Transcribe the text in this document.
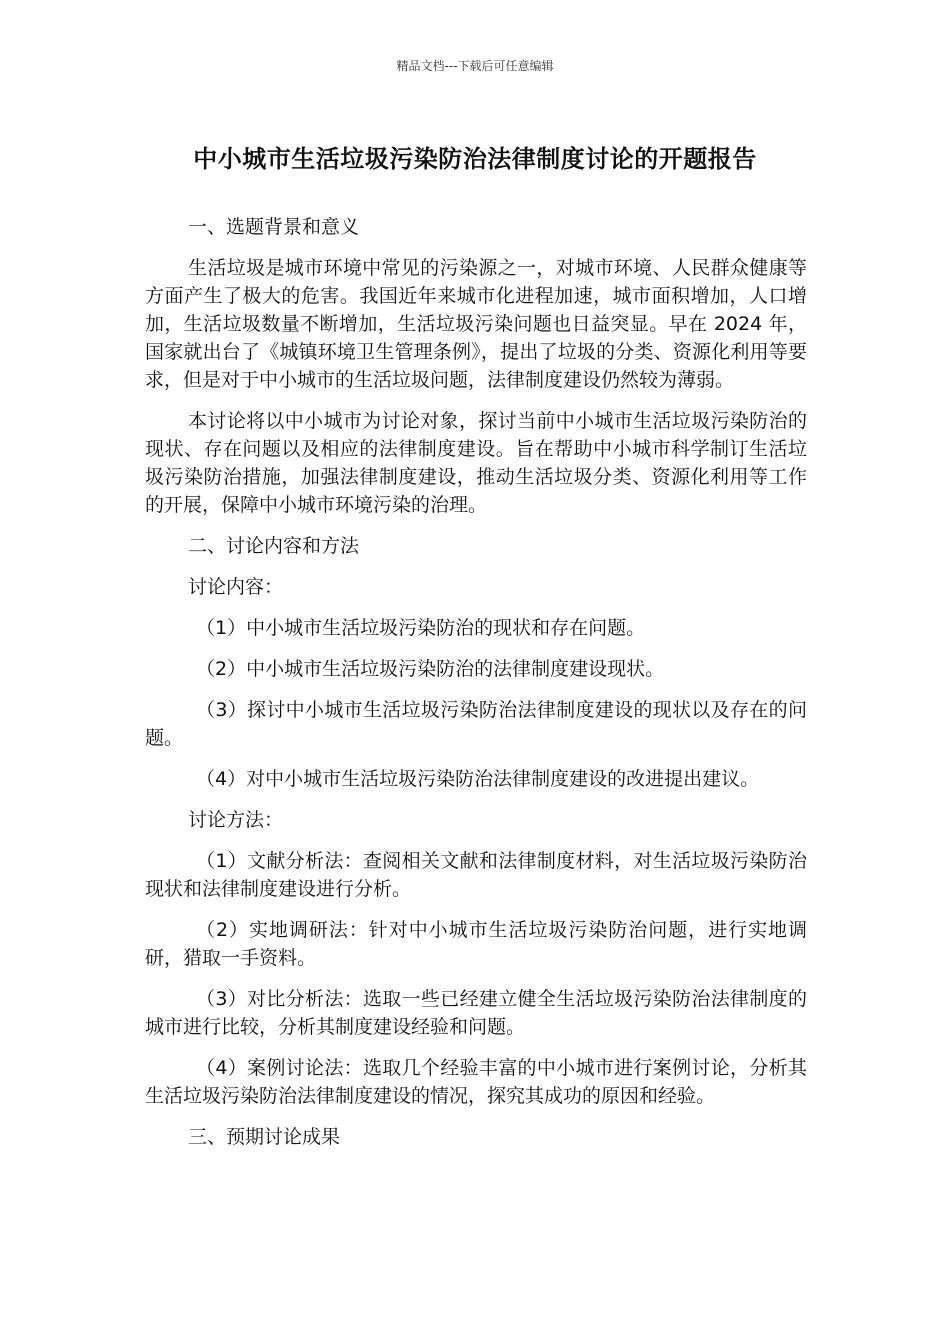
精品文档---下载后可任意编辑
中小城市生活垃圾污染防治法律制度讨论的开题报告

一、选题背景和意义

生活垃圾是城市环境中常见的污染源之一，对城市环境、人民群众健康等方面产生了极大的危害。我国近年来城市化进程加速，城市面积增加，人口增加，生活垃圾数量不断增加，生活垃圾污染问题也日益突显。早在 2024 年，国家就出台了《城镇环境卫生管理条例》，提出了垃圾的分类、资源化利用等要求，但是对于中小城市的生活垃圾问题，法律制度建设仍然较为薄弱。

本讨论将以中小城市为讨论对象，探讨当前中小城市生活垃圾污染防治的现状、存在问题以及相应的法律制度建设。旨在帮助中小城市科学制订生活垃圾污染防治措施，加强法律制度建设，推动生活垃圾分类、资源化利用等工作的开展，保障中小城市环境污染的治理。

二、讨论内容和方法

讨论内容：

（1）中小城市生活垃圾污染防治的现状和存在问题。

（2）中小城市生活垃圾污染防治的法律制度建设现状。

（3）探讨中小城市生活垃圾污染防治法律制度建设的现状以及存在的问题。

（4）对中小城市生活垃圾污染防治法律制度建设的改进提出建议。

讨论方法：

（1）文献分析法：查阅相关文献和法律制度材料，对生活垃圾污染防治现状和法律制度建设进行分析。

（2）实地调研法：针对中小城市生活垃圾污染防治问题，进行实地调研，猎取一手资料。

（3）对比分析法：选取一些已经建立健全生活垃圾污染防治法律制度的城市进行比较，分析其制度建设经验和问题。

（4）案例讨论法：选取几个经验丰富的中小城市进行案例讨论，分析其生活垃圾污染防治法律制度建设的情况，探究其成功的原因和经验。

三、预期讨论成果
